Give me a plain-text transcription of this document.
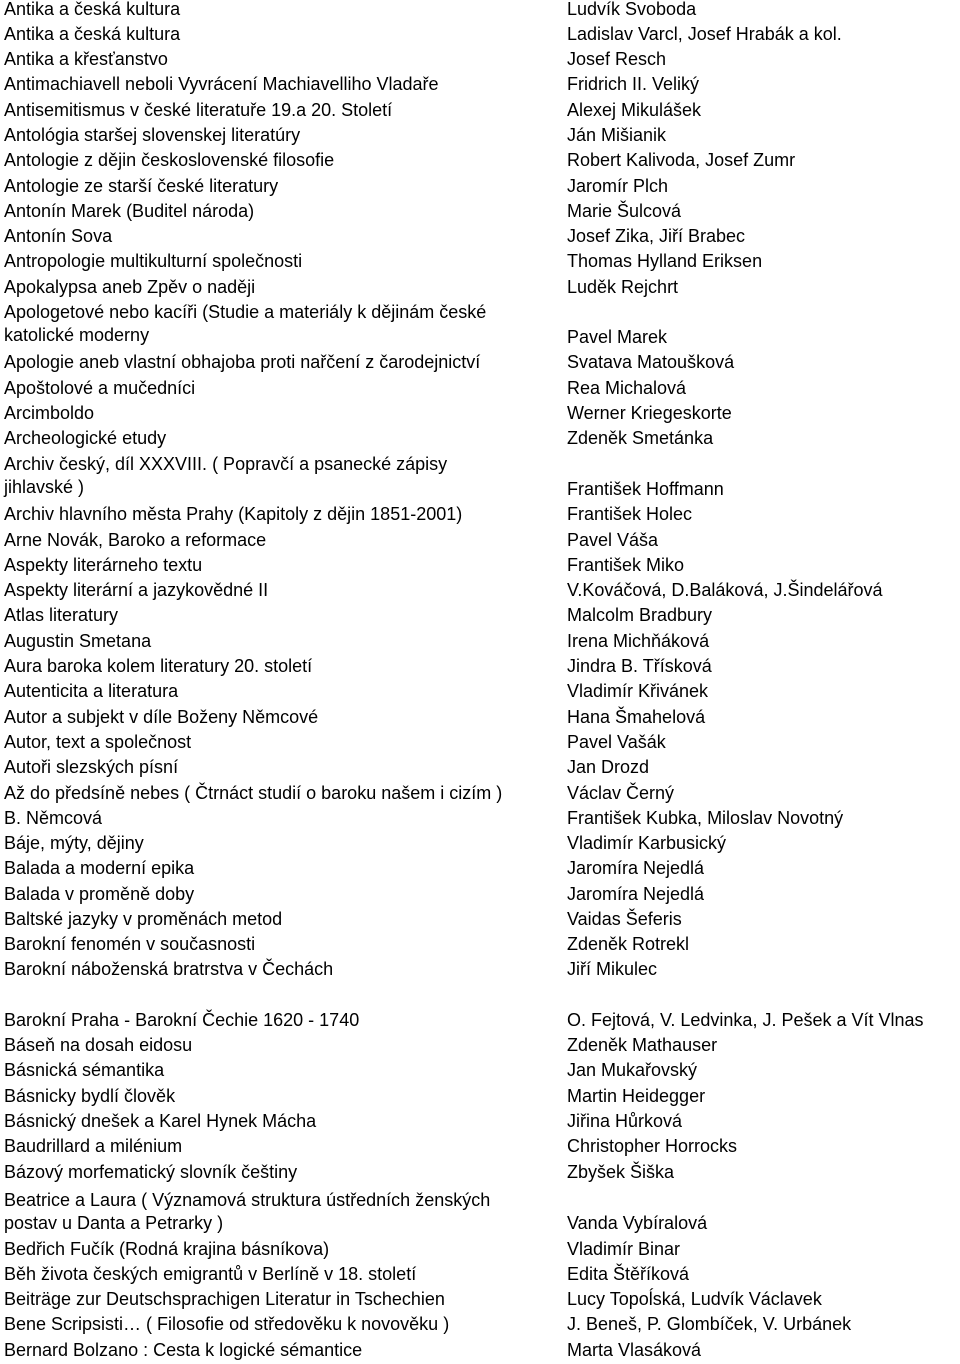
Antika a česká kultura	Ludvík Svoboda
Antika a česká kultura	Ladislav Varcl, Josef Hrabák a kol.
Antika a křesťanstvo	Josef Resch
Antimachiavell neboli Vyvrácení Machiavelliho Vladaře	Fridrich II. Veliký
Antisemitismus v české literatuře 19.a 20. Století	Alexej Mikulášek
Antológia staršej slovenskej literatúry	Ján Mišianik
Antologie z dějin československé filosofie	Robert Kalivoda, Josef Zumr
Antologie ze starší české literatury	Jaromír Plch
Antonín Marek (Buditel národa)	Marie Šulcová
Antonín Sova	Josef Zika, Jiří Brabec
Antropologie multikulturní společnosti	Thomas Hylland Eriksen
Apokalypsa aneb Zpěv o naději	Luděk Rejchrt
Apologetové nebo kacíři (Studie a materiály k dějinám české
katolické moderny	Pavel Marek
Apologie aneb vlastní obhajoba proti nařčení z čarodejnictví	Svatava Matoušková
Apoštolové a mučedníci	Rea Michalová
Arcimboldo	Werner Kriegeskorte
Archeologické etudy	Zdeněk Smetánka
Archiv český, díl XXXVIII. ( Popravčí a psanecké zápisy
jihlavské )	František Hoffmann
Archiv hlavního města Prahy (Kapitoly z dějin 1851-2001)	František Holec
Arne Novák, Baroko a reformace	Pavel Váša
Aspekty literárneho textu	František Miko
Aspekty literární a jazykovědné II	V.Kováčová, D.Baláková, J.Šindelářová
Atlas literatury	Malcolm Bradbury
Augustin Smetana	Irena Michňáková
Aura baroka kolem literatury 20. století	Jindra B. Třísková
Autenticita a literatura	Vladimír Křivánek
Autor a subjekt v díle Boženy Němcové	Hana Šmahelová
Autor, text a společnost	Pavel Vašák
Autoři slezských písní	Jan Drozd
Až do předsíně nebes ( Čtrnáct studií o baroku našem i cizím )	Václav Černý
B. Němcová	František Kubka, Miloslav Novotný
Báje, mýty, dějiny	Vladimír Karbusický
Balada a moderní epika	Jaromíra Nejedlá
Balada v proměně doby	Jaromíra Nejedlá
Baltské jazyky v proměnách metod	Vaidas Šeferis
Barokní fenomén v současnosti	Zdeněk Rotrekl
Barokní náboženská bratrstva v Čechách	Jiří Mikulec
Barokní Praha - Barokní Čechie 1620 - 1740	O. Fejtová, V. Ledvinka, J. Pešek a Vít Vlnas
Báseň na dosah eidosu	Zdeněk Mathauser
Básnická sémantika	Jan Mukařovský
Básnicky bydlí člověk	Martin Heidegger
Básnický dnešek a Karel Hynek Mácha	Jiřina Hůrková
Baudrillard a milénium	Christopher Horrocks
Bázový morfematický slovník češtiny	Zbyšek Šiška
Beatrice a Laura ( Významová struktura ústředních ženských
postav u Danta a Petrarky )	Vanda Vybíralová
Bedřich Fučík (Rodná krajina básníkova)	Vladimír Binar
Běh života českých emigrantů v Berlíně v 18. století	Edita Štěříková
Beiträge zur Deutschsprachigen Literatur in Tschechien	Lucy Topoĺská, Ludvík Václavek
Bene Scripsisti… ( Filosofie od středověku k novověku )	J. Beneš, P. Glombíček, V. Urbánek
Bernard Bolzano : Cesta k logické sémantice	Marta Vlasáková
